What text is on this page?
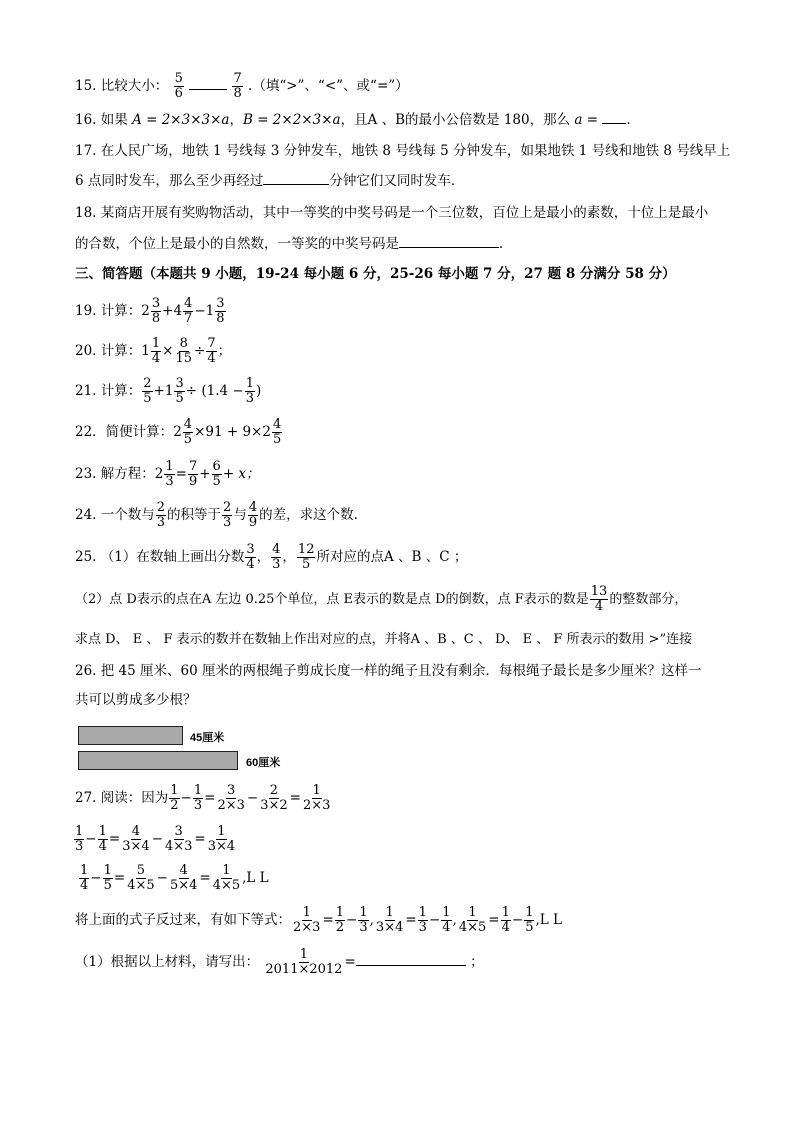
15. 比较大小： $\frac{5}{6}$
	$\frac{7}{8}$ .（填“>”、“<”、或“=”）
16. 如果 A = 2×3×3×a，B = 2×2×3×a，且A 、B的最小公倍数是 180，那么 a = .
17. 在人民广场，地铁 1 号线每 3 分钟发车，地铁 8 号线每 5 分钟发车，如果地铁 1 号线和地铁 8 号线早上
6 点同时发车，那么至少再经过	分钟它们又同时发车．
18. 某商店开展有奖购物活动，其中一等奖的中奖号码是一个三位数，百位上是最小的素数，十位上是最小
的合数，个位上是最小的自然数，一等奖的中奖号码是	．
三、简答题（本题共 9 小题，19-24 每小题 6 分，25-26 每小题 7 分，27 题 8 分满分 58 分）
19. 计算：$2 \frac{3}{8} +4 \frac{4}{7} -1 \frac{3}{8}$
20. 计算：$1 \frac{1}{4} \times \frac{8}{15} \div \frac{7}{4}$ ；
21. 计算： $\frac{2}{5} +1 \frac{3}{5} \div (1.4 - \frac{1}{3}$ )
22．简便计算：$2 \frac{4}{5} \times 91 + 9\times 2 \frac{4}{5}$
23. 解方程：$2 \frac{1}{3} = \frac{7}{9} + \frac{6}{5} + x$；
24. 一个数与 $\frac{2}{3}$ 的积等于 $\frac{2}{3}$ 与 $\frac{4}{9}$ 的差，求这个数.
25. （1）在数轴上画出分数 $\frac{3}{4}$ ， $\frac{4}{3}$ ， $\frac{12}{5}$ 所对应的点A 、B 、C ；
（2）点 D表示的点在A 左边 0.25个单位，点 E表示的数是点 D的倒数，点 F表示的数是 $\frac{13}{4}$ 的整数部分，
求点 D、 E 、 F 表示的数并在数轴上作出对应的点，并将A 、B 、C 、 D、 E 、 F 所表示的数用 >”连接
26. 把 45 厘米、60 厘米的两根绳子剪成长度一样的绳子且没有剩余．每根绳子最长是多少厘米？这样一
共可以剪成多少根？
45厘米
60厘米
27. 阅读：因为 $\frac{1}{2} - \frac{1}{3} = \frac{3}{2\times 3} - \frac{2}{3\times 2} = \frac{1}{2\times 3}$
$\frac{1}{3} - \frac{1}{4} = \frac{4}{3\times 4} - \frac{3}{4\times 3} = \frac{1}{3\times 4}$
$\frac{1}{4} - \frac{1}{5} = \frac{5}{4\times 5} - \frac{4}{5\times 4} = \frac{1}{4\times 5} ,L$ L
将上面的式子反过来，有如下等式： $\frac{1}{2\times 3} = \frac{1}{2} - \frac{1}{3}$ , $\frac{1}{3\times 4} = \frac{1}{3} - \frac{1}{4}$ , $\frac{1}{4\times 5} = \frac{1}{4} - \frac{1}{5} ,L$ L
（1）根据以上材料，请写出： $\frac{1}{2011\times 2012}$ =	；
